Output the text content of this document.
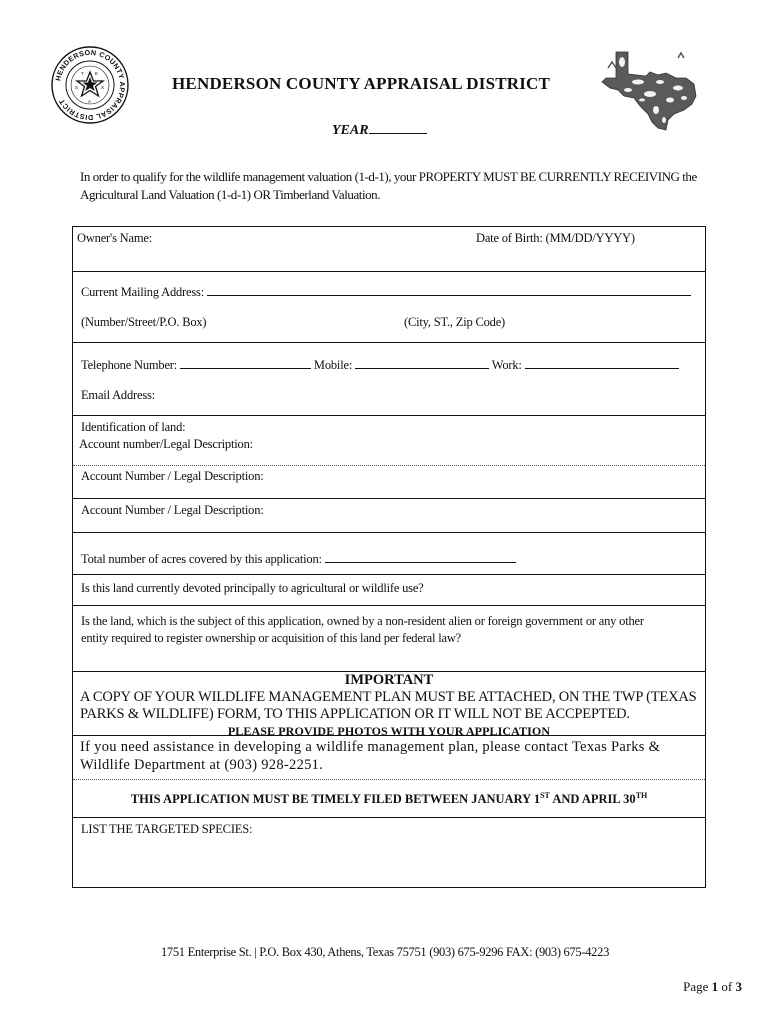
HENDERSON COUNTY APPRAISAL DISTRICT
T	E
S	X
A
HENDERSON COUNTY APPRAISAL DISTRICT
YEAR
In order to qualify for the wildlife management valuation (1-d-1), your PROPERTY MUST BE CURRENTLY RECEIVING the Agricultural Land Valuation (1-d-1) OR Timberland Valuation.
Owner's Name:	Date of Birth: (MM/DD/YYYY)
Current Mailing Address:
(Number/Street/P.O. Box)	(City, ST., Zip Code)
Telephone Number:	Mobile:	Work:
Email Address:
Identification of land:
Account number/Legal Description:
Account Number / Legal Description:
Account Number / Legal Description:
Total number of acres covered by this application:
Is this land currently devoted principally to agricultural or wildlife use?
Is the land, which is the subject of this application, owned by a non-resident alien or foreign government or any other
entity required to register ownership or acquisition of this land per federal law?
IMPORTANT
A COPY OF YOUR WILDLIFE MANAGEMENT PLAN MUST BE ATTACHED, ON THE TWP (TEXAS PARKS & WILDLIFE) FORM, TO THIS APPLICATION OR IT WILL NOT BE ACCPEPTED.
PLEASE PROVIDE PHOTOS WITH YOUR APPLICATION
If you need assistance in developing a wildlife management plan, please contact Texas Parks & Wildlife Department at (903) 928-2251.
THIS APPLICATION MUST BE TIMELY FILED BETWEEN JANUARY 1ST AND APRIL 30TH
LIST THE TARGETED SPECIES:
1751 Enterprise St. | P.O. Box 430, Athens, Texas 75751 (903) 675-9296 FAX: (903) 675-4223
Page 1 of 3
